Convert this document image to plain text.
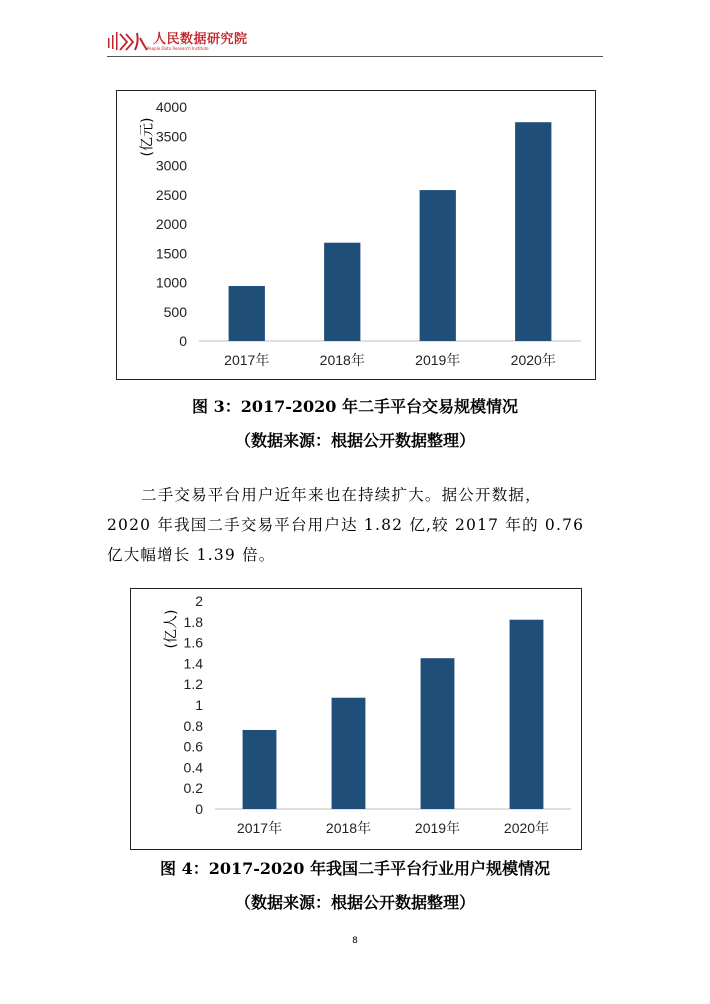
人民数据研究院
People Data Research Institute
0
500
1000
1500
2000
2500
3000
3500
4000
2017年	2018年	2019年	2020年
(亿元)
图 3：2017-2020 年二手平台交易规模情况
（数据来源：根据公开数据整理）
二手交易平台用户近年来也在持续扩大。据公开数据，
2020 年我国二手交易平台用户达 1.82 亿,较 2017 年的 0.76
亿大幅增长 1.39 倍。
0
0.2
0.4
0.6
0.8
1
1.2
1.4
1.6
1.8
2
2017年	2018年	2019年	2020年
(亿人)
图 4：2017-2020 年我国二手平台行业用户规模情况
（数据来源：根据公开数据整理）
8
